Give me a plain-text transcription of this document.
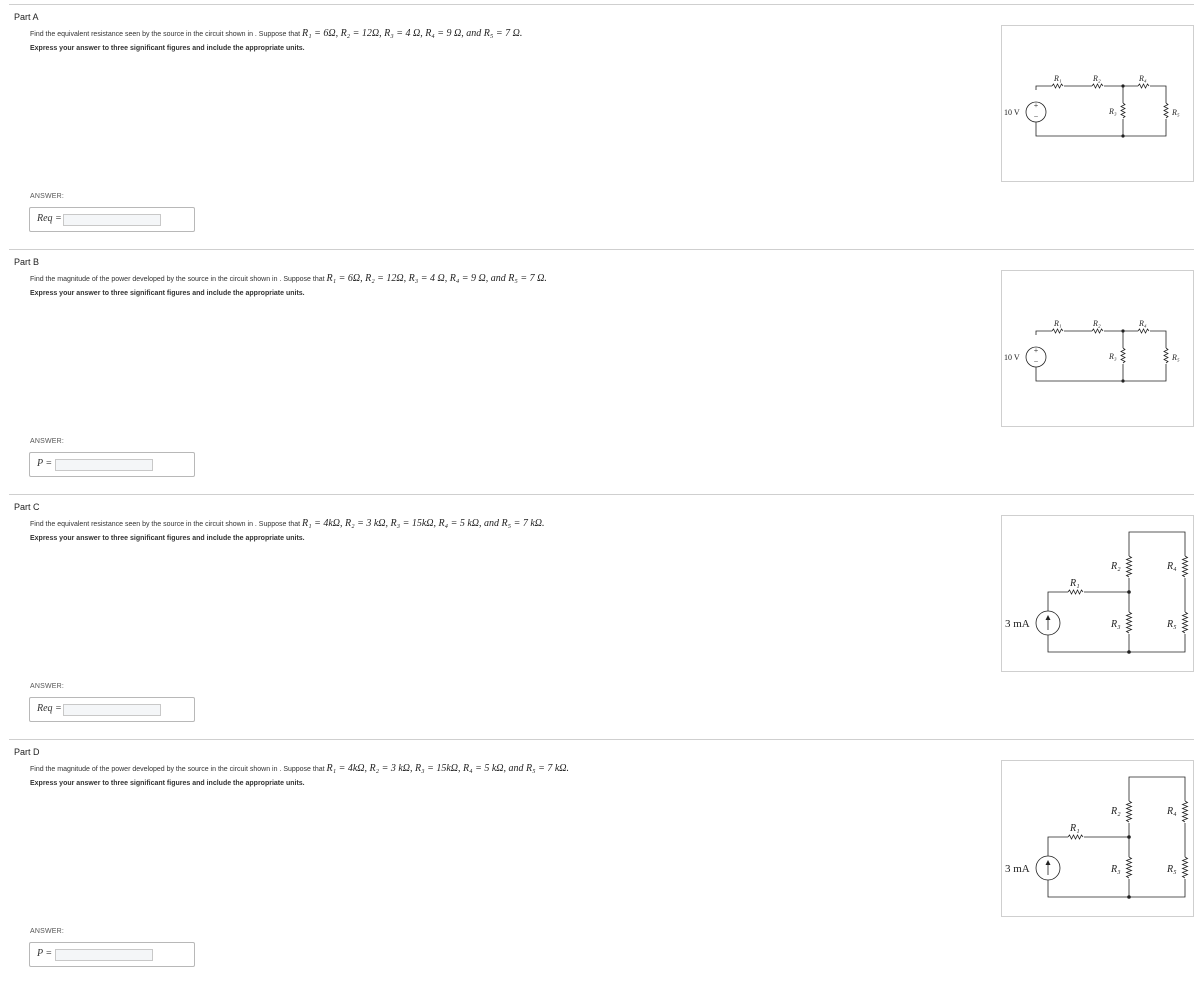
Part A
Find the equivalent resistance seen by the source in the circuit shown in . Suppose that R₁ = 6Ω, R₂ = 12Ω, R₃ = 4 Ω, R₄ = 9 Ω, and R₅ = 7 Ω.
Express your answer to three significant figures and include the appropriate units.
ANSWER:
Req =
+
−
10 V
R₁	R₂	R₄
R₃	R₅
Part B
Find the magnitude of the power developed by the source in the circuit shown in . Suppose that R₁ = 6Ω, R₂ = 12Ω, R₃ = 4 Ω, R₄ = 9 Ω, and R₅ = 7 Ω.
Express your answer to three significant figures and include the appropriate units.
ANSWER:
P =
+
−
10 V
R₁	R₂	R₄
R₃	R₅
Part C
Find the equivalent resistance seen by the source in the circuit shown in . Suppose that R₁ = 4kΩ, R₂ = 3 kΩ, R₃ = 15kΩ, R₄ = 5 kΩ, and R₅ = 7 kΩ.
Express your answer to three significant figures and include the appropriate units.
ANSWER:
Req =
3 mA
R₁
R₂	R₄
R₃	R₅
Part D
Find the magnitude of the power developed by the source in the circuit shown in . Suppose that R₁ = 4kΩ, R₂ = 3 kΩ, R₃ = 15kΩ, R₄ = 5 kΩ, and R₅ = 7 kΩ.
Express your answer to three significant figures and include the appropriate units.
ANSWER:
P =
3 mA
R₁
R₂	R₄
R₃	R₅
